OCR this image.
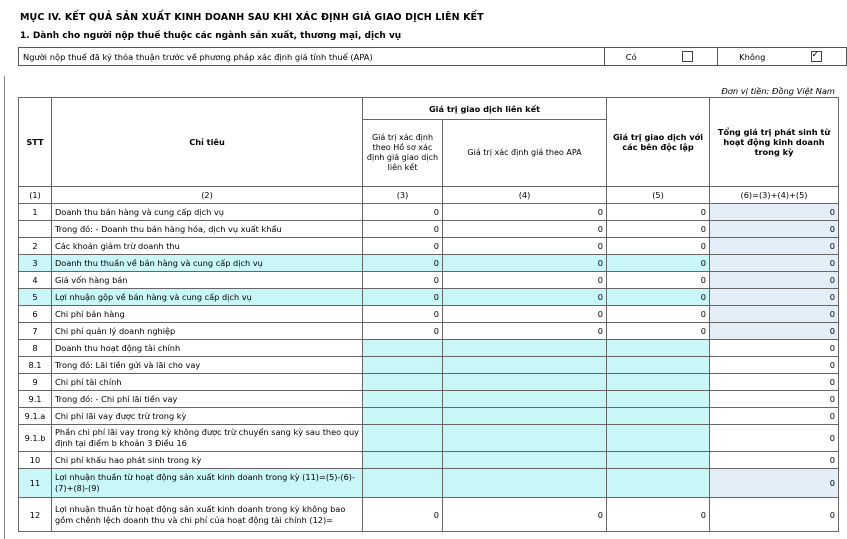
MỤC IV. KẾT QUẢ SẢN XUẤT KINH DOANH SAU KHI XÁC ĐỊNH GIÁ GIAO DỊCH LIÊN KẾT
1. Dành cho người nộp thuế thuộc các ngành sản xuất, thương mại, dịch vụ
Người nộp thuế đã ký thỏa thuận trước về phương pháp xác định giá tính thuế (APA)	Có		Không	✓
Đơn vị tiền: Đồng Việt Nam
STT	Chỉ tiêu	Giá trị giao dịch liên kết		Giá trị giao dịch với các bên độc lập	Tổng giá trị phát sinh từ hoạt động kinh doanh trong kỳ
		Giá trị xác định theo Hồ sơ xác định giá giao dịch liên kết	Giá trị xác định giá theo APA		
(1)	(2)	(3)	(4)	(5)	(6)=(3)+(4)+(5)
1	Doanh thu bán hàng và cung cấp dịch vụ	0	0	0	0
	Trong đó: - Doanh thu bán hàng hóa, dịch vụ xuất khẩu	0	0	0	0
2	Các khoản giảm trừ doanh thu	0	0	0	0
3	Doanh thu thuần về bán hàng và cung cấp dịch vụ	0	0	0	0
4	Giá vốn hàng bán	0	0	0	0
5	Lợi nhuận gộp về bán hàng và cung cấp dịch vụ	0	0	0	0
6	Chi phí bán hàng	0	0	0	0
7	Chi phí quản lý doanh nghiệp	0	0	0	0
8	Doanh thu hoạt động tài chính				0
8.1	Trong đó: Lãi tiền gửi và lãi cho vay				0
9	Chi phí tài chính				0
9.1	Trong đó: - Chi phí lãi tiền vay				0
9.1.a	Chi phí lãi vay được trừ trong kỳ				0
9.1.b	Phần chi phí lãi vay trong kỳ không được trừ chuyển sang kỳ sau theo quy định tại điểm b khoản 3 Điều 16				0
10	Chi phí khấu hao phát sinh trong kỳ				0
11	Lợi nhuận thuần từ hoạt động sản xuất kinh doanh trong kỳ (11)=(5)-(6)-(7)+(8)-(9)				0
12	Lợi nhuận thuần từ hoạt động sản xuất kinh doanh trong kỳ không bao gồm chênh lệch doanh thu và chi phí của hoạt động tài chính (12)=	0	0	0	0
